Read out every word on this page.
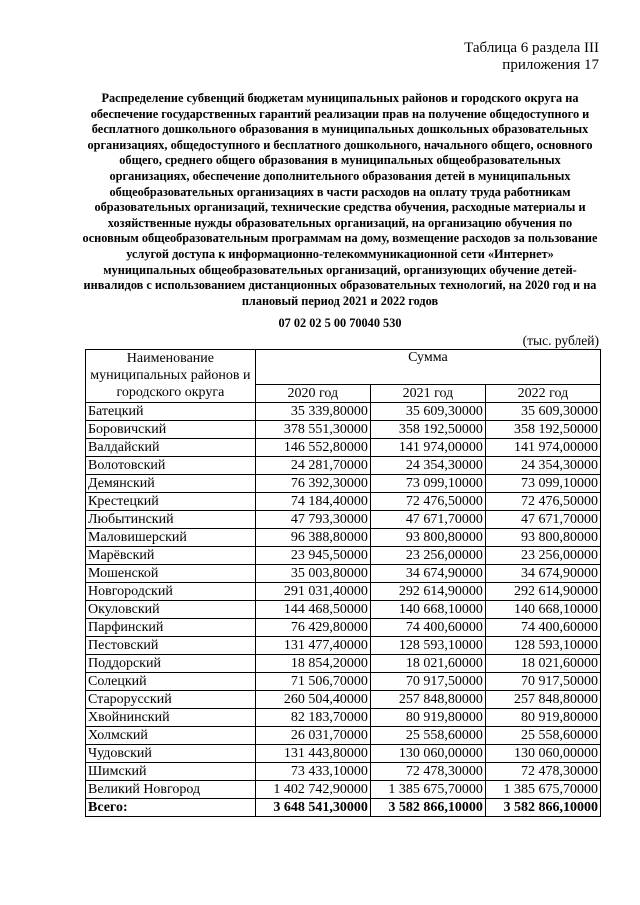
Таблица 6 раздела III
приложения 17
Распределение субвенций бюджетам муниципальных районов и городского округа на обеспечение государственных гарантий реализации прав на получение общедоступного и бесплатного дошкольного образования в муниципальных дошкольных образовательных организациях, общедоступного и бесплатного дошкольного, начального общего, основного общего, среднего общего образования в муниципальных общеобразовательных организациях, обеспечение дополнительного образования детей в муниципальных общеобразовательных организациях в части расходов на оплату труда работникам образовательных организаций, технические средства обучения, расходные материалы и хозяйственные нужды образовательных организаций, на организацию обучения по основным общеобразовательным программам на дому, возмещение расходов за пользование услугой доступа к информационно-телекоммуникационной сети «Интернет» муниципальных общеобразовательных организаций, организующих обучение детей-инвалидов с использованием дистанционных образовательных технологий, на 2020 год и на плановый период 2021 и 2022 годов
07 02 02 5 00 70040 530
(тыс. рублей)
Наименование муниципальных районов и городского округа	Сумма		
	2020 год	2021 год	2022 год
Батецкий	35 339,80000	35 609,30000	35 609,30000
Боровичский	378 551,30000	358 192,50000	358 192,50000
Валдайский	146 552,80000	141 974,00000	141 974,00000
Волотовский	24 281,70000	24 354,30000	24 354,30000
Демянский	76 392,30000	73 099,10000	73 099,10000
Крестецкий	74 184,40000	72 476,50000	72 476,50000
Любытинский	47 793,30000	47 671,70000	47 671,70000
Маловишерский	96 388,80000	93 800,80000	93 800,80000
Марёвский	23 945,50000	23 256,00000	23 256,00000
Мошенской	35 003,80000	34 674,90000	34 674,90000
Новгородский	291 031,40000	292 614,90000	292 614,90000
Окуловский	144 468,50000	140 668,10000	140 668,10000
Парфинский	76 429,80000	74 400,60000	74 400,60000
Пестовский	131 477,40000	128 593,10000	128 593,10000
Поддорский	18 854,20000	18 021,60000	18 021,60000
Солецкий	71 506,70000	70 917,50000	70 917,50000
Старорусский	260 504,40000	257 848,80000	257 848,80000
Хвойнинский	82 183,70000	80 919,80000	80 919,80000
Холмский	26 031,70000	25 558,60000	25 558,60000
Чудовский	131 443,80000	130 060,00000	130 060,00000
Шимский	73 433,10000	72 478,30000	72 478,30000
Великий Новгород	1 402 742,90000	1 385 675,70000	1 385 675,70000
Всего:	3 648 541,30000	3 582 866,10000	3 582 866,10000
